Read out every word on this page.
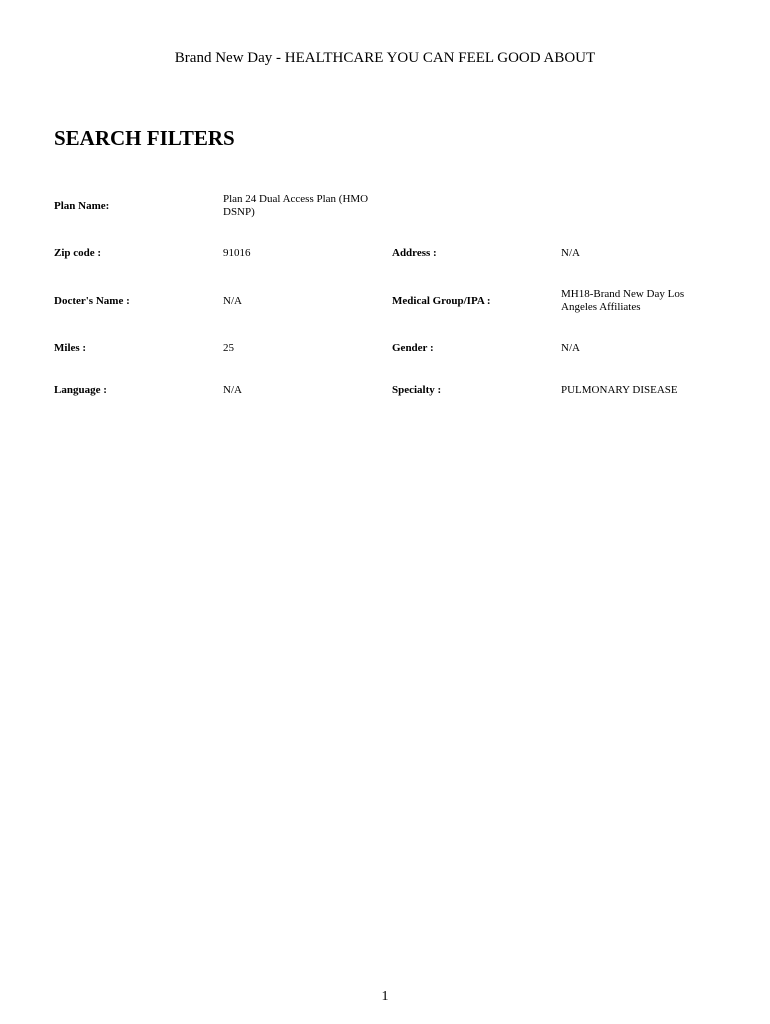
Brand New Day - HEALTHCARE YOU CAN FEEL GOOD ABOUT
SEARCH FILTERS
Plan Name:
Plan 24 Dual Access Plan (HMO DSNP)
Zip code :	91016	Address :	N/A
Docter's Name :	N/A	Medical Group/IPA :
MH18-Brand New Day Los Angeles Affiliates
Miles :	25	Gender :	N/A
Language :	N/A	Specialty :	PULMONARY DISEASE
1
